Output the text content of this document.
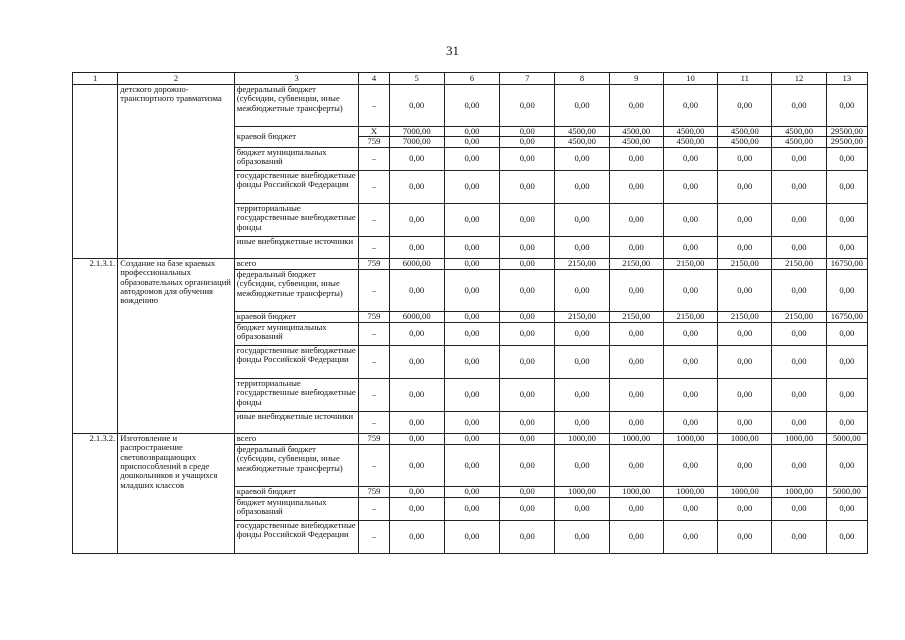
31
1	2	3	4	5	6	7	8	9	10	11	12	13
	детского дорожно-транспортного травматизма	федеральный бюджет (субсидии, субвенции, иные межбюджетные трансферты)	–	0,00	0,00	0,00	0,00	0,00	0,00	0,00	0,00	0,00
		краевой бюджет	Х	7000,00	0,00	0,00	4500,00	4500,00	4500,00	4500,00	4500,00	29500,00
			759	7000,00	0,00	0,00	4500,00	4500,00	4500,00	4500,00	4500,00	29500,00
		бюджет муниципальных образований	–	0,00	0,00	0,00	0,00	0,00	0,00	0,00	0,00	0,00
		государственные внебюджетные фонды Российской Федерации	–	0,00	0,00	0,00	0,00	0,00	0,00	0,00	0,00	0,00
		территориальные государственные внебюджетные фонды	–	0,00	0,00	0,00	0,00	0,00	0,00	0,00	0,00	0,00
		иные внебюджетные источники	–	0,00	0,00	0,00	0,00	0,00	0,00	0,00	0,00	0,00
2.1.3.1.	Создание на базе краевых профессиональных образовательных организаций автодромов для обучения вождению	всего	759	6000,00	0,00	0,00	2150,00	2150,00	2150,00	2150,00	2150,00	16750,00
		федеральный бюджет (субсидии, субвенции, иные межбюджетные трансферты)	–	0,00	0,00	0,00	0,00	0,00	0,00	0,00	0,00	0,00
		краевой бюджет	759	6000,00	0,00	0,00	2150,00	2150,00	2150,00	2150,00	2150,00	16750,00
		бюджет муниципальных образований	–	0,00	0,00	0,00	0,00	0,00	0,00	0,00	0,00	0,00
		государственные внебюджетные фонды Российской Федерации	–	0,00	0,00	0,00	0,00	0,00	0,00	0,00	0,00	0,00
		территориальные государственные внебюджетные фонды	–	0,00	0,00	0,00	0,00	0,00	0,00	0,00	0,00	0,00
		иные внебюджетные источники	–	0,00	0,00	0,00	0,00	0,00	0,00	0,00	0,00	0,00
2.1.3.2.	Изготовление и распространение световозвращающих приспособлений в среде дошкольников и учащихся младших классов	всего	759	0,00	0,00	0,00	1000,00	1000,00	1000,00	1000,00	1000,00	5000,00
		федеральный бюджет (субсидии, субвенции, иные межбюджетные трансферты)	–	0,00	0,00	0,00	0,00	0,00	0,00	0,00	0,00	0,00
		краевой бюджет	759	0,00	0,00	0,00	1000,00	1000,00	1000,00	1000,00	1000,00	5000,00
		бюджет муниципальных образований	–	0,00	0,00	0,00	0,00	0,00	0,00	0,00	0,00	0,00
		государственные внебюджетные фонды Российской Федерации	–	0,00	0,00	0,00	0,00	0,00	0,00	0,00	0,00	0,00
